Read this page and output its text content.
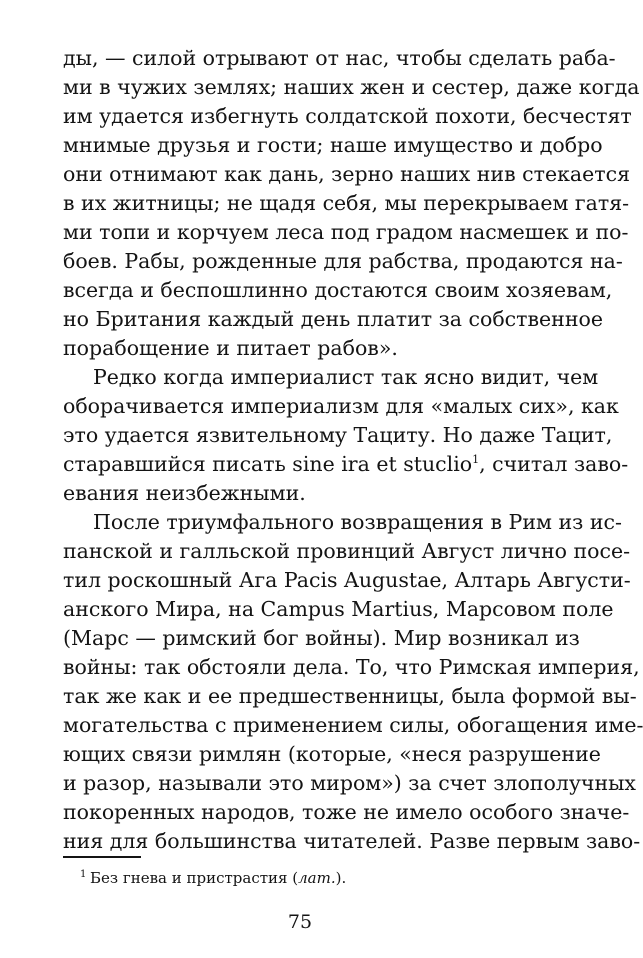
ды, — силой отрывают от нас, чтобы сделать раба-
ми в чужих землях; наших жен и сестер, даже когда
им удается избегнуть солдатской похоти, бесчестят
мнимые друзья и гости; наше имущество и добро
они отнимают как дань, зерно наших нив стекается
в их житницы; не щадя себя, мы перекрываем гатя-
ми топи и корчуем леса под градом насмешек и по-
боев. Рабы, рожденные для рабства, продаются на-
всегда и беспошлинно достаются своим хозяевам,
но Британия каждый день платит за собственное
порабощение и питает рабов».
Редко когда империалист так ясно видит, чем
оборачивается империализм для «малых сих», как
это удается язвительному Тациту. Но даже Тацит,
старавшийся писать sine ira et stuclio$^1$, считал заво-
евания неизбежными.
После триумфального возвращения в Рим из ис-
панской и галльской провинций Август лично посе-
тил роскошный Ага Pacis Augustae, Алтарь Августи-
анского Мира, на Campus Martius, Марсовом поле
(Марс — римский бог войны). Мир возникал из
войны: так обстояли дела. То, что Римская империя,
так же как и ее предшественницы, была формой вы-
могательства с применением силы, обогащения име-
ющих связи римлян (которые, «неся разрушение
и разор, называли это миром») за счет злополучных
покоренных народов, тоже не имело особого значе-
ния для большинства читателей. Разве первым заво-
1 Без гнева и пристрастия (лат.).
75
